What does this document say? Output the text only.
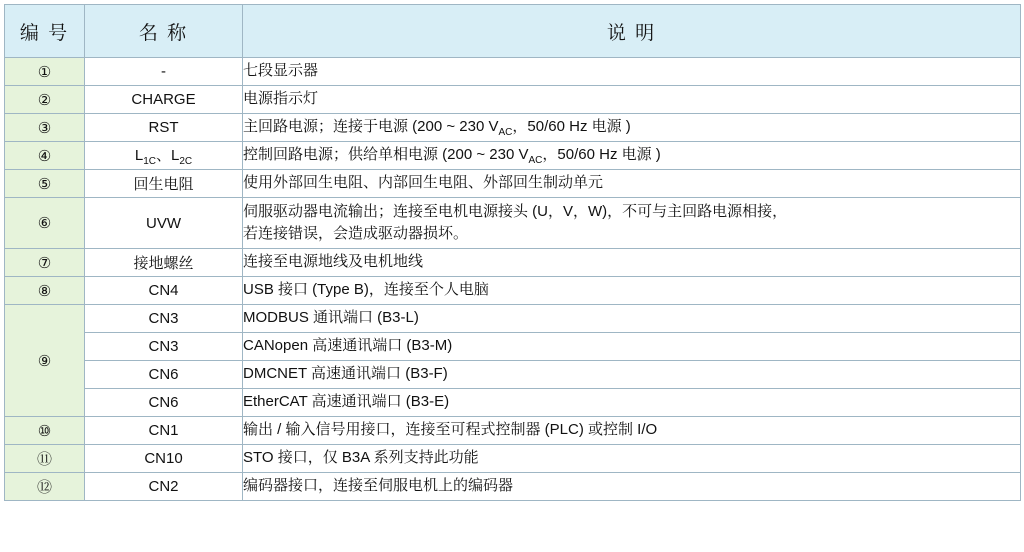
编 号	名 称	说 明
①	-	七段显示器
②	CHARGE	电源指示灯
③	RST	主回路电源；连接于电源 (200 ~ 230 $V_{AC}$，50/60 Hz 电源 )
④	$L_{1C}$、$L_{2C}$	控制回路电源；供给单相电源 (200 ~ 230 $V_{AC}$，50/60 Hz 电源 )
⑤	回生电阻	使用外部回生电阻、内部回生电阻、外部回生制动单元
⑥	UVW	伺服驱动器电流输出；连接至电机电源接头 (U，V，W)，不可与主回路电源相接，
若连接错误，会造成驱动器损坏。

⑦	接地螺丝	连接至电源地线及电机地线
⑧	CN4	USB 接口 (Type B)，连接至个人电脑
⑨	CN3	MODBUS 通讯端口 (B3-L)
	CN3	CANopen 高速通讯端口 (B3-M)
	CN6	DMCNET 高速通讯端口 (B3-F)
	CN6	EtherCAT 高速通讯端口 (B3-E)
⑩	CN1	输出 / 输入信号用接口，连接至可程式控制器 (PLC) 或控制 I/O
⑪	CN10	STO 接口，仅 B3A 系列支持此功能
⑫	CN2	编码器接口，连接至伺服电机上的编码器
